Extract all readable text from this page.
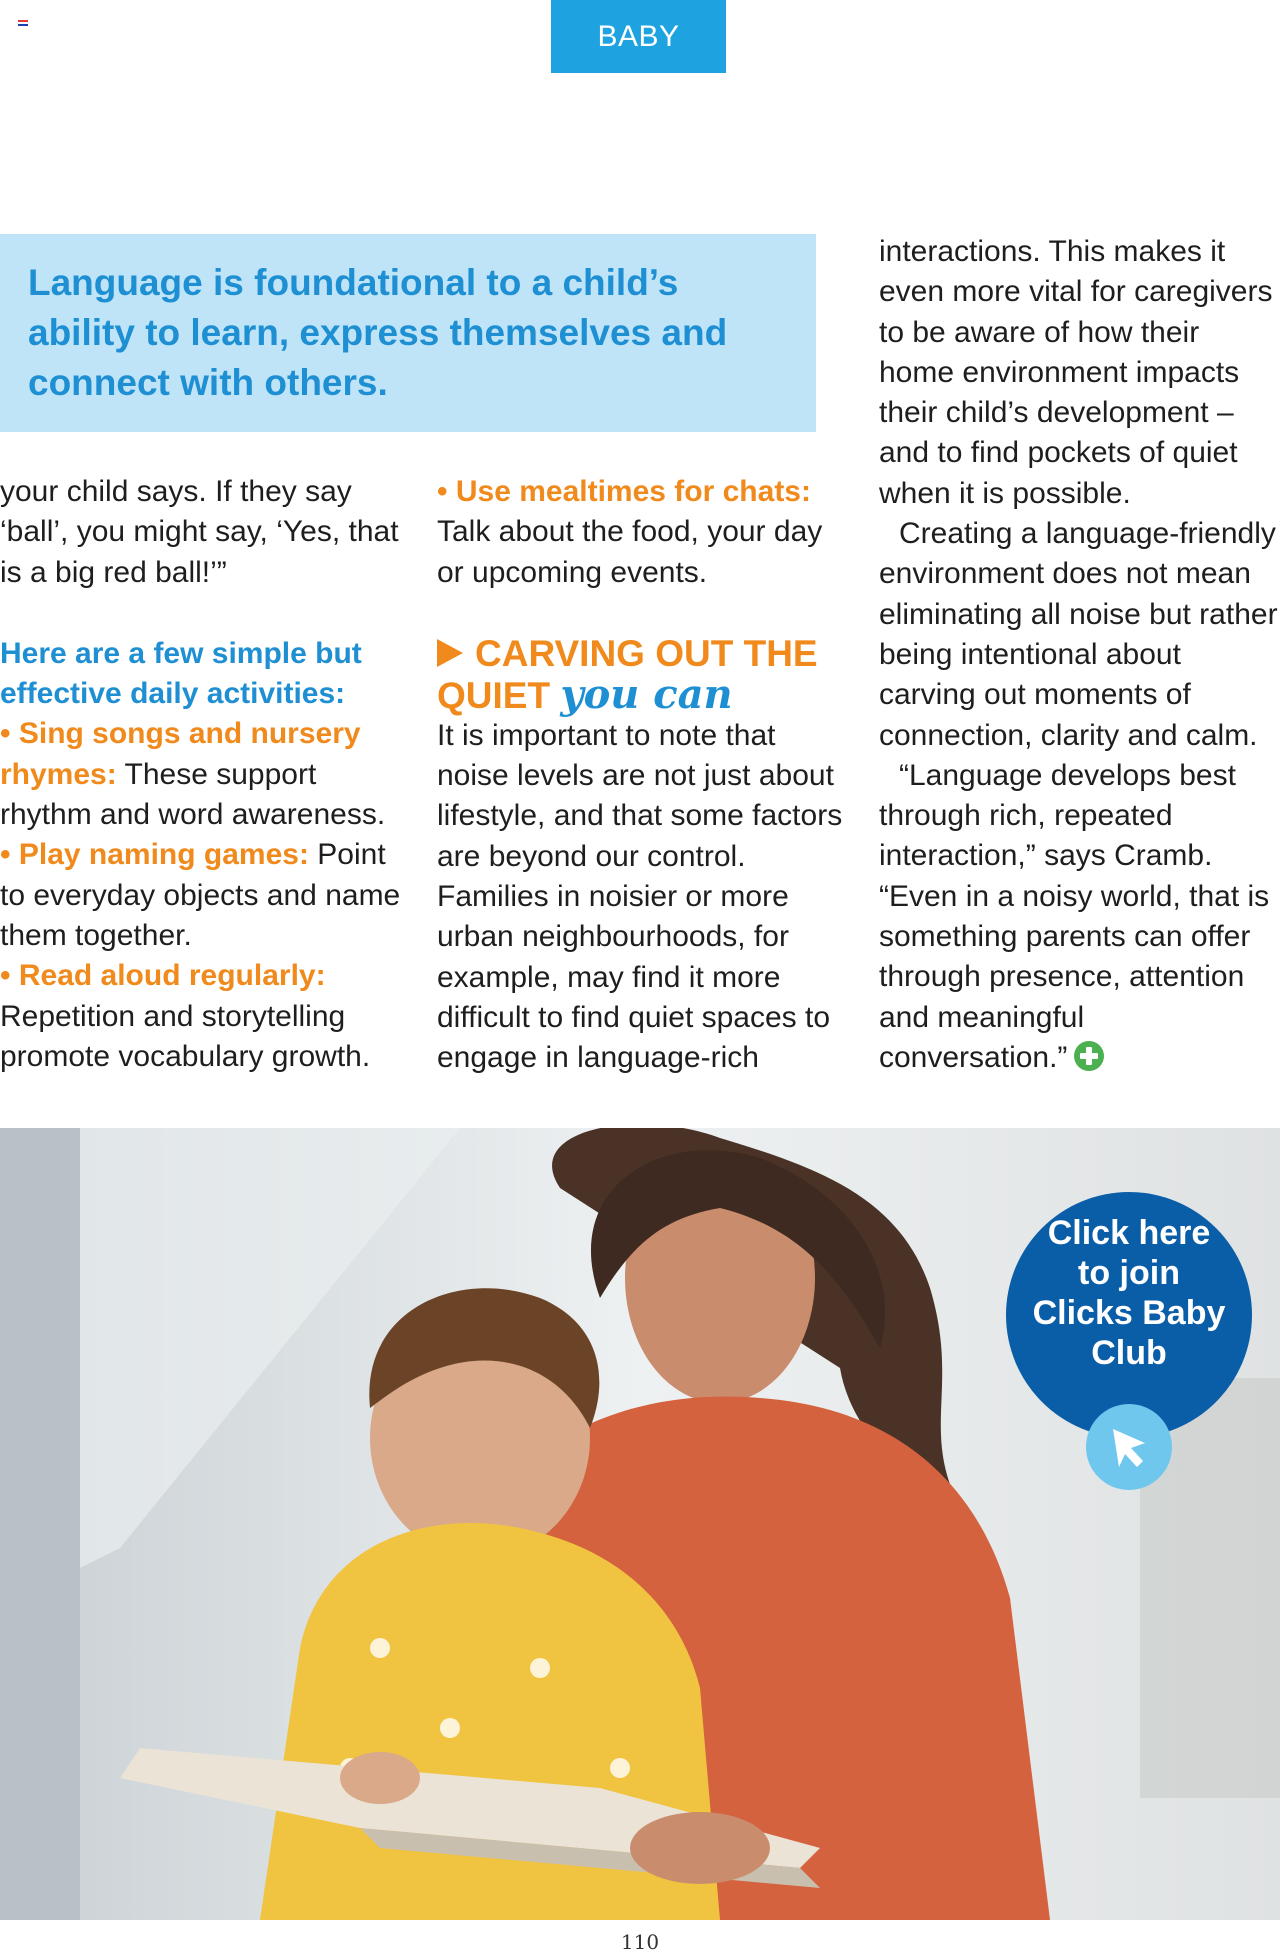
BABY

Language is foundational to a child’s ability to learn, express themselves and connect with others.

your child says. If they say ‘ball’, you might say, ‘Yes, that is a big red ball!’”

Here are a few simple but effective daily activities:

• Sing songs and nursery rhymes: These support rhythm and word awareness.

• Play naming games: Point to everyday objects and name them together.

• Read aloud regularly: Repetition and storytelling promote vocabulary growth.

• Use mealtimes for chats: Talk about the food, your day or upcoming events.

CARVING OUT THE
QUIET you can

It is important to note that noise levels are not just about lifestyle, and that some factors are beyond our control. Families in noisier or more urban neighbourhoods, for example, may find it more difficult to find quiet spaces to engage in language-rich

interactions. This makes it even more vital for caregivers to be aware of how their home environment impacts their child’s development – and to find pockets of quiet when it is possible.

Creating a language-friendly environment does not mean eliminating all noise but rather being intentional about carving out moments of connection, clarity and calm.

“Language develops best through rich, repeated interaction,” says Cramb. “Even in a noisy world, that is something parents can offer through presence, attention and meaningful conversation.”

Click here
to join
Clicks Baby
Club
110
